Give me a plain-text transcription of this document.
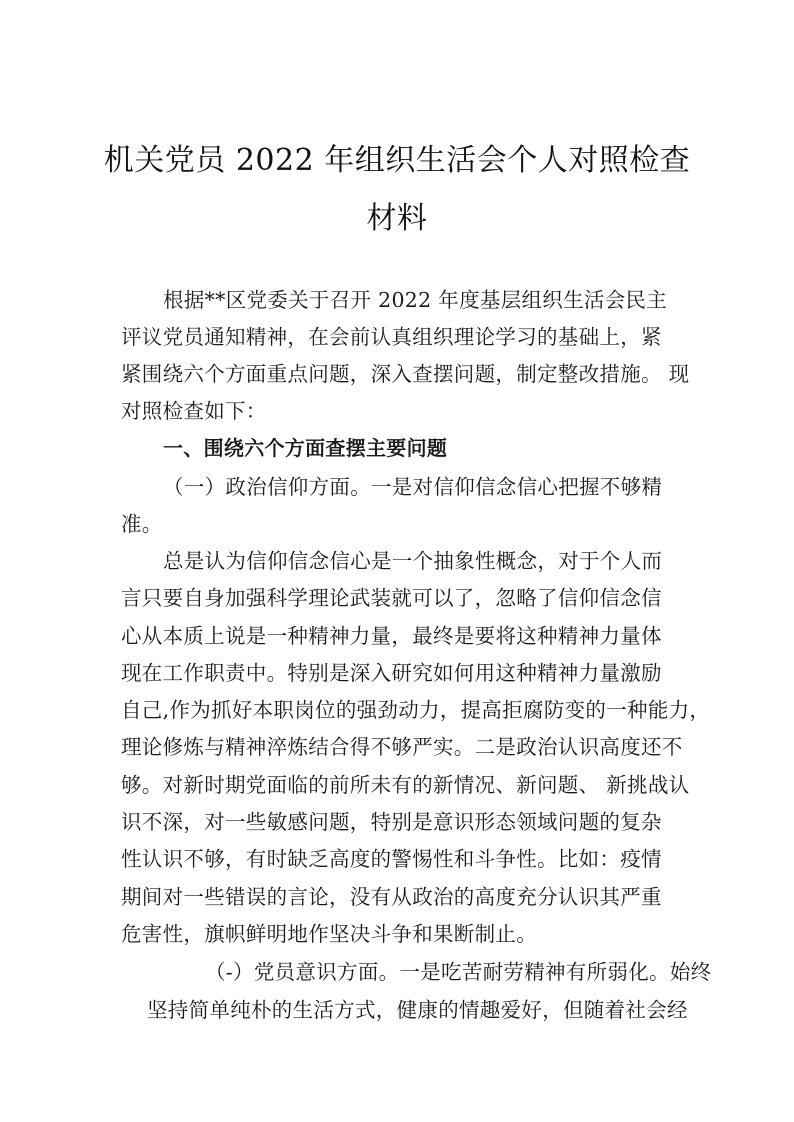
机关党员 2022 年组织生活会个人对照检查
材料
根据**区党委关于召开 2022 年度基层组织生活会民主
评议党员通知精神，在会前认真组织理论学习的基础上，紧
紧围绕六个方面重点问题，深入查摆问题，制定整改措施。 现
对照检查如下：
一、围绕六个方面查摆主要问题
（一）政治信仰方面。一是对信仰信念信心把握不够精
准。
总是认为信仰信念信心是一个抽象性概念，对于个人而
言只要自身加强科学理论武装就可以了，忽略了信仰信念信
心从本质上说是一种精神力量，最终是要将这种精神力量体
现在工作职责中。特别是深入研究如何用这种精神力量激励
自己,作为抓好本职岗位的强劲动力，提高拒腐防变的一种能力，
理论修炼与精神淬炼结合得不够严实。二是政治认识高度还不
够。对新时期党面临的前所未有的新情况、新问题、 新挑战认
识不深，对一些敏感问题，特别是意识形态领域问题的复杂
性认识不够，有时缺乏高度的警惕性和斗争性。比如：疫情
期间对一些错误的言论，没有从政治的高度充分认识其严重
危害性，旗帜鲜明地作坚决斗争和果断制止。
（-）党员意识方面。一是吃苦耐劳精神有所弱化。始终
坚持简单纯朴的生活方式，健康的情趣爱好，但随着社会经
